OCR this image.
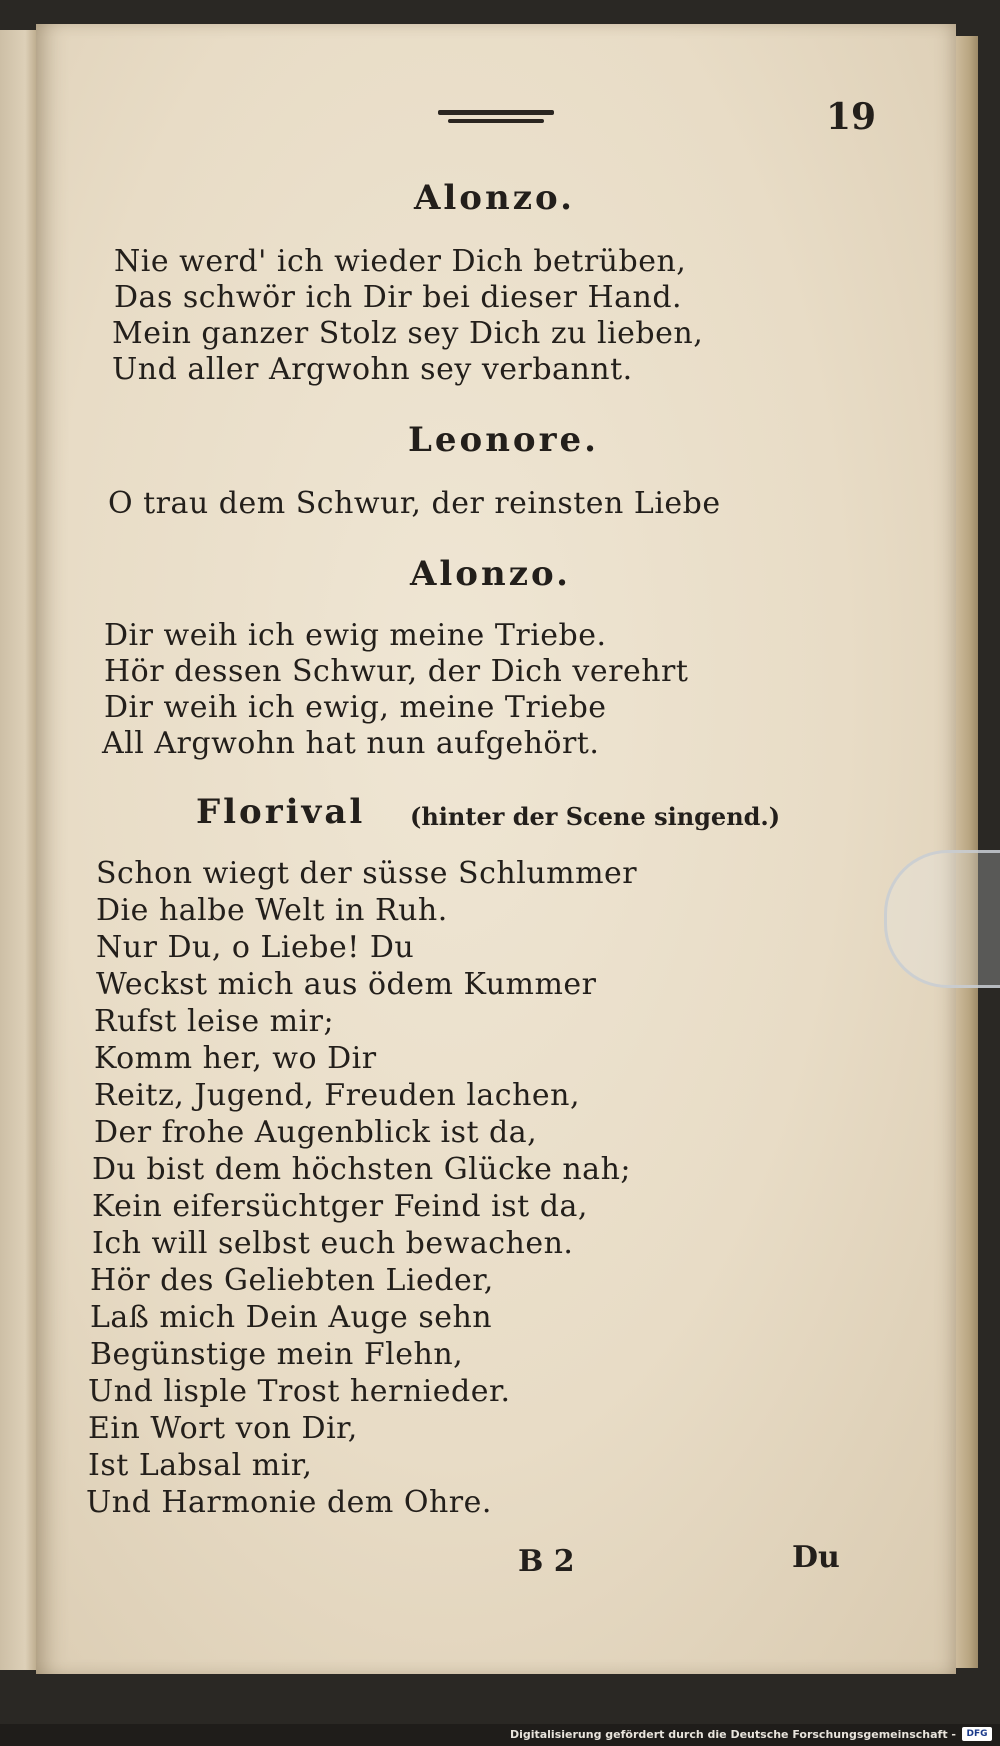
19
Alonzo.
Nie werd' ich wieder Dich betrüben,
Das schwör ich Dir bei dieser Hand.
Mein ganzer Stolz sey Dich zu lieben,
Und aller Argwohn sey verbannt.
Leonore.
O trau dem Schwur, der reinsten Liebe
Alonzo.
Dir weih ich ewig meine Triebe.
Hör dessen Schwur, der Dich verehrt
Dir weih ich ewig, meine Triebe
All Argwohn hat nun aufgehört.
Florival (hinter der Scene singend.)
Schon wiegt der süsse Schlummer
Die halbe Welt in Ruh.
Nur Du, o Liebe! Du
Weckst mich aus ödem Kummer
Rufst leise mir;
Komm her, wo Dir
Reitz, Jugend, Freuden lachen,
Der frohe Augenblick ist da,
Du bist dem höchsten Glücke nah;
Kein eifersüchtger Feind ist da,
Ich will selbst euch bewachen.
Hör des Geliebten Lieder,
Laß mich Dein Auge sehn
Begünstige mein Flehn,
Und lisple Trost hernieder.
Ein Wort von Dir,
Ist Labsal mir,
Und Harmonie dem Ohre.
B 2	Du
Digitalisierung gefördert durch die Deutsche Forschungsgemeinschaft -	DFG
